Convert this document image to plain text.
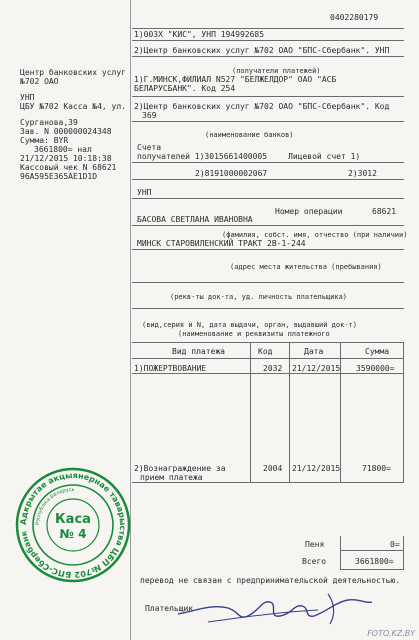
0402280179
Центр банковских услуг
№702 ОАО
УНП
ЦБУ №702 Касса №4, ул.
Сурганова,39
Зав. N 000000024348
Сумма: BYR
3661800= нал
21/12/2015 10:18:38
Кассовый чек N 68621
96A595E365AE1D1D
1)003Х "КИС", УНП 194992685
2)Центр банковских услуг №702 ОАО "БПС-Сбербанк". УНП
(получатели платежей)
1)Г.МИНСК,ФИЛИАЛ N527 "БЕЛЖЕЛДОР" ОАО "АСБ
БЕЛАРУСБАНК". Код 254
2)Центр банковских услуг №702 ОАО "БПС-Сбербанк". Код
369
(наименование банков)
Счета
получателей 1)3015661400005	Лицевой счет 1)
2)8191000002067	2)3012
УНП
Номер операции	68621
БАСОВА СВЕТЛАНА ИВАНОВНА
(фамилия, собст. имя, отчество (при наличии)
МИНСК СТАРОВИЛЕНСКИЙ ТРАКТ 2В-1-244
(адрес места жительства (пребывания)
(рекв-ты док-та, уд. личность плательщика)
(вид,серия и N, дата выдачи, орган, выдавший док-т)
(наименование и реквизиты платежного
Вид платежа	Код	Дата	Сумма
1)ПОЖЕРТВОВАНИЕ	2032 21/12/2015 3590000=
2)Вознаграждение за
прием платежа
2004 21/12/2015	71800=
Пеня	0=
Всего	3661800=
перевод не связан с предпринимательской деятельностью.
Плательщик
Адкрытае акцыянернае таварыства ЦБП №702 БПС-Сбербанк
Рэспубліка Беларусь
Каса
№ 4
FOTO.KZ.BY
